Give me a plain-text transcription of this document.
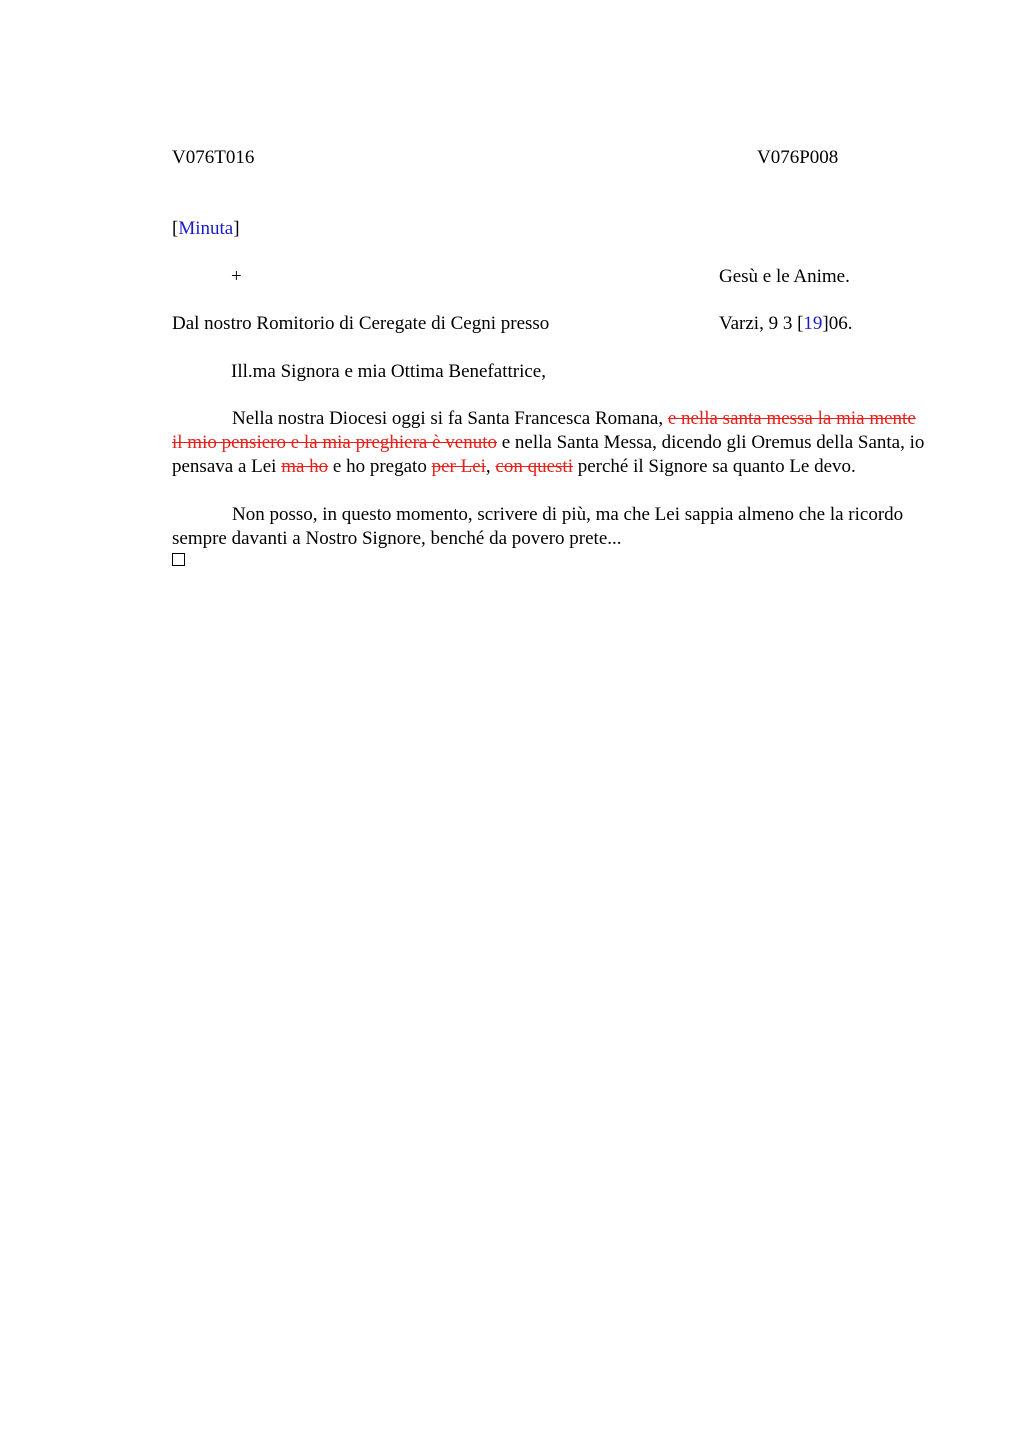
V076T016	V076P008
[Minuta]
+	Gesù e le Anime.
Dal nostro Romitorio di Ceregate di Cegni presso	Varzi, 9 3 [19]06.
Ill.ma Signora e mia Ottima Benefattrice,
Nella nostra Diocesi oggi si fa Santa Francesca Romana, e nella santa messa la mia mente il mio pensiero e la mia preghiera è venuto e nella Santa Messa, dicendo gli Oremus della Santa, io pensava a Lei ma ho e ho pregato per Lei, con questi perché il Signore sa quanto Le devo.
Non posso, in questo momento, scrivere di più, ma che Lei sappia almeno che la ricordo sempre davanti a Nostro Signore, benché da povero prete...
